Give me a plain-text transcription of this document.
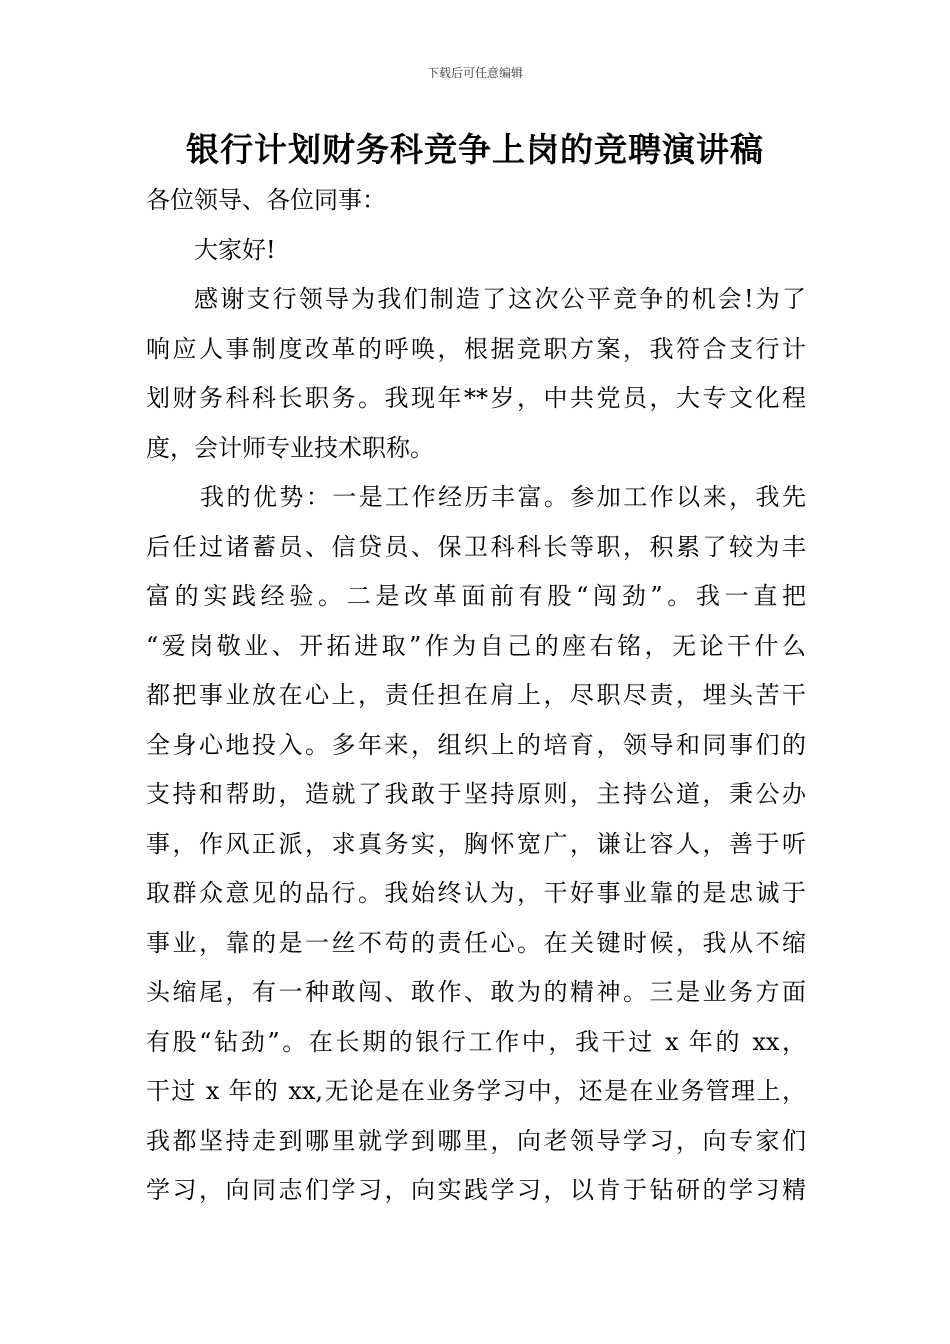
下载后可任意编辑
银行计划财务科竞争上岗的竞聘演讲稿
各位领导、各位同事：
大家好!
感谢支行领导为我们制造了这次公平竞争的机会!为了
响应人事制度改革的呼唤，根据竞职方案，我符合支行计
划财务科科长职务。我现年**岁，中共党员，大专文化程
度，会计师专业技术职称。
我的优势：一是工作经历丰富。参加工作以来，我先
后任过诸蓄员、信贷员、保卫科科长等职，积累了较为丰
富的实践经验。二是改革面前有股“闯劲”。我一直把
“爱岗敬业、开拓进取”作为自己的座右铭，无论干什么
都把事业放在心上，责任担在肩上，尽职尽责，埋头苦干
全身心地投入。多年来，组织上的培育，领导和同事们的
支持和帮助，造就了我敢于坚持原则，主持公道，秉公办
事，作风正派，求真务实，胸怀宽广，谦让容人，善于听
取群众意见的品行。我始终认为，干好事业靠的是忠诚于
事业，靠的是一丝不苟的责任心。在关键时候，我从不缩
头缩尾，有一种敢闯、敢作、敢为的精神。三是业务方面
有股“钻劲”。在长期的银行工作中，我干过 x 年的 xx，
干过 x 年的 xx,无论是在业务学习中，还是在业务管理上，
我都坚持走到哪里就学到哪里，向老领导学习，向专家们
学习，向同志们学习，向实践学习，以肯于钻研的学习精
